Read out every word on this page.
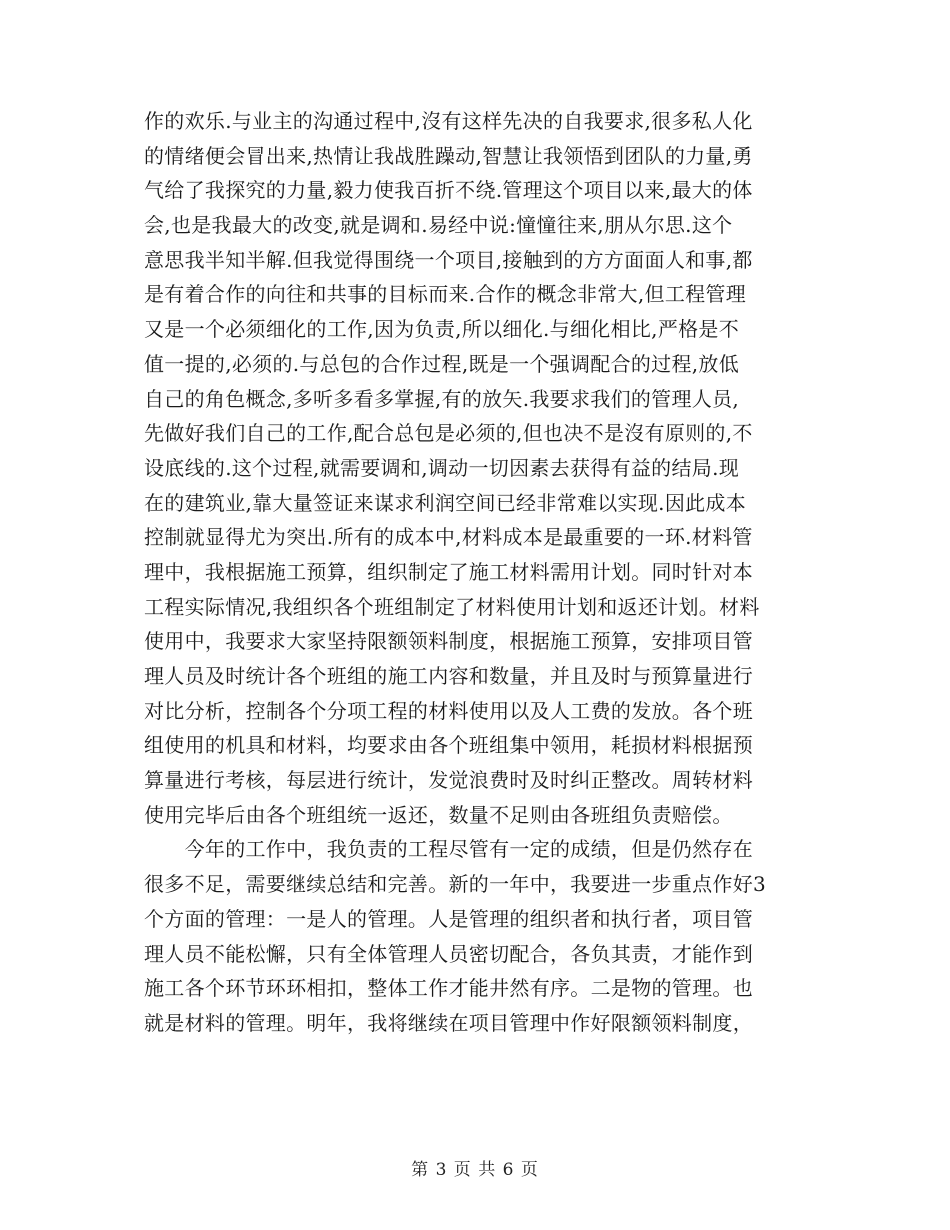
作的欢乐.与业主的沟通过程中,沒有这样先决的自我要求,很多私人化
的情绪便会冒出来,热情让我战胜躁动,智慧让我领悟到团队的力量,勇
气给了我探究的力量,毅力使我百折不绕.管理这个项目以来,最大的体
会,也是我最大的改变,就是调和.易经中说:憧憧往来,朋从尔思.这个
意思我半知半解.但我觉得围绕一个项目,接触到的方方面面人和事,都
是有着合作的向往和共事的目标而来.合作的概念非常大,但工程管理
又是一个必须细化的工作,因为负责,所以细化.与细化相比,严格是不
值一提的,必须的.与总包的合作过程,既是一个强调配合的过程,放低
自己的角色概念,多听多看多掌握,有的放矢.我要求我们的管理人员,
先做好我们自己的工作,配合总包是必须的,但也决不是沒有原则的,不
设底线的.这个过程,就需要调和,调动一切因素去获得有益的结局.现
在的建筑业,靠大量签证来谋求利润空间已经非常难以实现.因此成本
控制就显得尤为突出.所有的成本中,材料成本是最重要的一环.材料管
理中，我根据施工预算，组织制定了施工材料需用计划。同时针对本
工程实际情况,我组织各个班组制定了材料使用计划和返还计划。材料
使用中，我要求大家坚持限额领料制度，根据施工预算，安排项目管
理人员及时统计各个班组的施工内容和数量，并且及时与预算量进行
对比分析，控制各个分项工程的材料使用以及人工费的发放。各个班
组使用的机具和材料，均要求由各个班组集中领用，耗损材料根据预
算量进行考核，每层进行统计，发觉浪费时及时纠正整改。周转材料
使用完毕后由各个班组统一返还，数量不足则由各班组负责赔偿。
　　今年的工作中，我负责的工程尽管有一定的成绩，但是仍然存在
很多不足，需要继续总结和完善。新的一年中，我要进一步重点作好3
个方面的管理：一是人的管理。人是管理的组织者和执行者，项目管
理人员不能松懈，只有全体管理人员密切配合，各负其责，才能作到
施工各个环节环环相扣，整体工作才能井然有序。二是物的管理。也
就是材料的管理。明年，我将继续在项目管理中作好限额领料制度，
第 3 页 共 6 页
